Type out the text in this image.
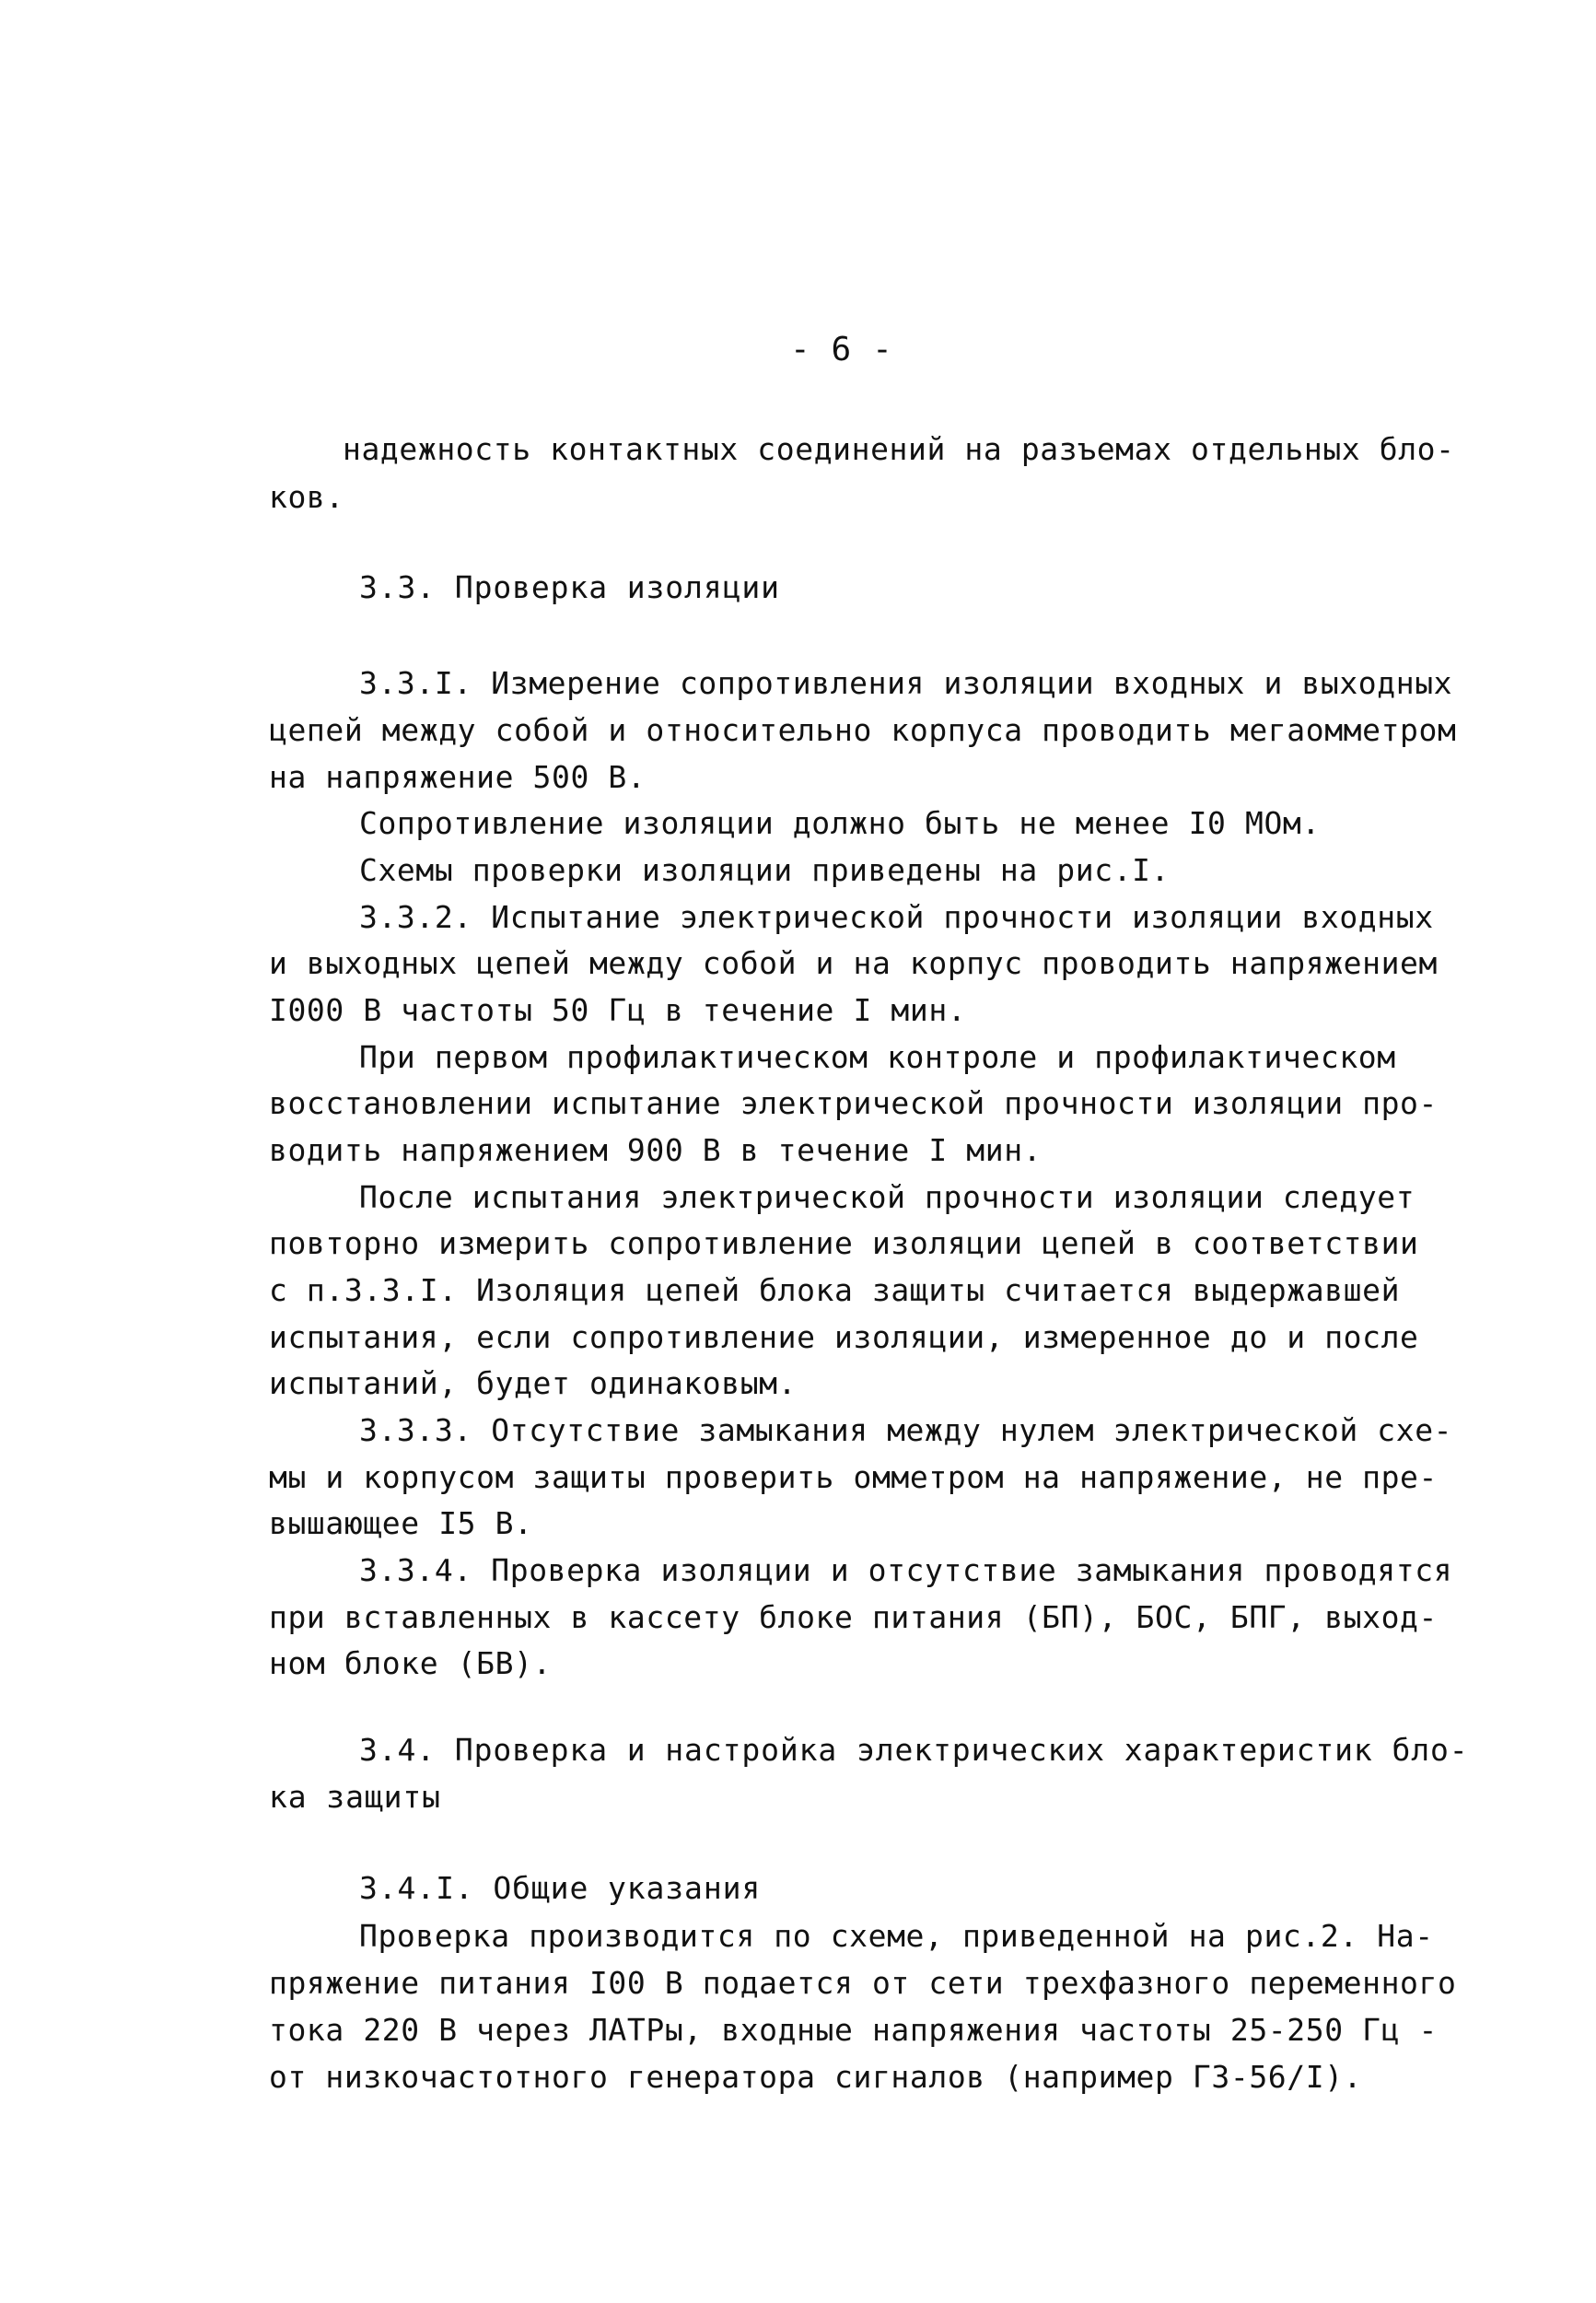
- 6 -
надежность контактных соединений на разъемах отдельных бло-
ков.
3.3. Проверка изоляции
3.3.I. Измерение сопротивления изоляции входных и выходных
цепей между собой и относительно корпуса проводить мегаомметром
на напряжение 500 В.
Сопротивление изоляции должно быть не менее I0 МОм.
Схемы проверки изоляции приведены на рис.I.
3.3.2. Испытание электрической прочности изоляции входных
и выходных цепей между собой и на корпус проводить напряжением
I000 В частоты 50 Гц в течение I мин.
При первом профилактическом контроле и профилактическом
восстановлении испытание электрической прочности изоляции про-
водить напряжением 900 В в течение I мин.
После испытания электрической прочности изоляции следует
повторно измерить сопротивление изоляции цепей в соответствии
с п.3.3.I. Изоляция цепей блока защиты считается выдержавшей
испытания, если сопротивление изоляции, измеренное до и после
испытаний, будет одинаковым.
3.3.3. Отсутствие замыкания между нулем электрической схе-
мы и корпусом защиты проверить омметром на напряжение, не пре-
вышающее I5 В.
3.3.4. Проверка изоляции и отсутствие замыкания проводятся
при вставленных в кассету блоке питания (БП), БОС, БПГ, выход-
ном блоке (БВ).
3.4. Проверка и настройка электрических характеристик бло-
ка защиты
3.4.I. Общие указания
Проверка производится по схеме, приведенной на рис.2. На-
пряжение питания I00 В подается от сети трехфазного переменного
тока 220 В через ЛАТРы, входные напряжения частоты 25-250 Гц -
от низкочастотного генератора сигналов (например ГЗ-56/I).
